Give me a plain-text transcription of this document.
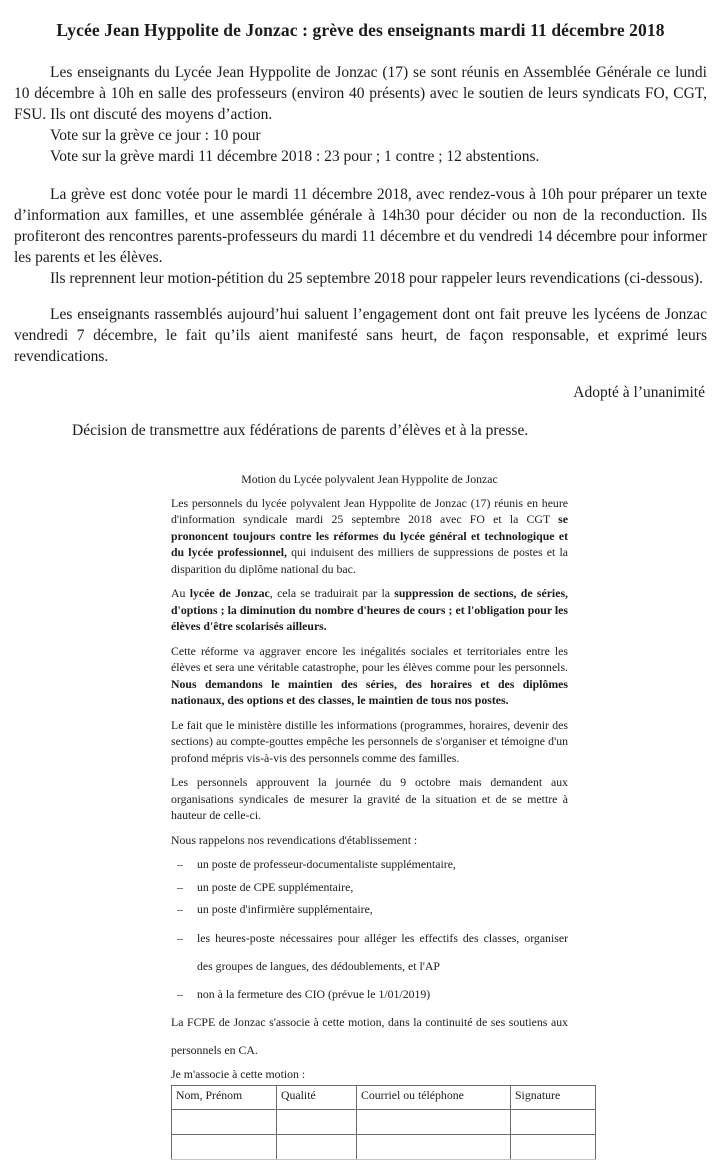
Lycée Jean Hyppolite de Jonzac : grève des enseignants mardi 11 décembre 2018

Les enseignants du Lycée Jean Hyppolite de Jonzac (17) se sont réunis en Assemblée Générale ce lundi 10 décembre à 10h en salle des professeurs (environ 40 présents) avec le soutien de leurs syndicats FO, CGT, FSU. Ils ont discuté des moyens d’action.

Vote sur la grève ce jour : 10 pour
Vote sur la grève mardi 11 décembre 2018 : 23 pour ; 1 contre ; 12 abstentions.

La grève est donc votée pour le mardi 11 décembre 2018, avec rendez-vous à 10h pour préparer un texte d’information aux familles, et une assemblée générale à 14h30 pour décider ou non de la reconduction. Ils profiteront des rencontres parents-professeurs du mardi 11 décembre et du vendredi 14 décembre pour informer les parents et les élèves.

Ils reprennent leur motion-pétition du 25 septembre 2018 pour rappeler leurs revendications (ci-dessous).

Les enseignants rassemblés aujourd’hui saluent l’engagement dont ont fait preuve les lycéens de Jonzac vendredi 7 décembre, le fait qu’ils aient manifesté sans heurt, de façon responsable, et exprimé leurs revendications.

Adopté à l’unanimité
Décision de transmettre aux fédérations de parents d’élèves et à la presse.
Motion du Lycée polyvalent Jean Hyppolite de Jonzac

Les personnels du lycée polyvalent Jean Hyppolite de Jonzac (17) réunis en heure d'information syndicale mardi 25 septembre 2018 avec FO et la CGT se prononcent toujours contre les réformes du lycée général et technologique et du lycée professionnel, qui induisent des milliers de suppressions de postes et la disparition du diplôme national du bac.

Au lycée de Jonzac, cela se traduirait par la suppression de sections, de séries, d'options ; la diminution du nombre d'heures de cours ; et l'obligation pour les élèves d'être scolarisés ailleurs.

Cette réforme va aggraver encore les inégalités sociales et territoriales entre les élèves et sera une véritable catastrophe, pour les élèves comme pour les personnels. Nous demandons le maintien des séries, des horaires et des diplômes nationaux, des options et des classes, le maintien de tous nos postes.

Le fait que le ministère distille les informations (programmes, horaires, devenir des sections) au compte-gouttes empêche les personnels de s'organiser et témoigne d'un profond mépris vis-à-vis des personnels comme des familles.

Les personnels approuvent la journée du 9 octobre mais demandent aux organisations syndicales de mesurer la gravité de la situation et de se mettre à hauteur de celle-ci.

Nous rappelons nos revendications d'établissement :

– un poste de professeur-documentaliste supplémentaire,
– un poste de CPE supplémentaire,
– un poste d'infirmière supplémentaire,
– les heures-poste nécessaires pour alléger les effectifs des classes, organiser des groupes de langues, des dédoublements, et l'AP
– non à la fermeture des CIO (prévue le 1/01/2019)

La FCPE de Jonzac s'associe à cette motion, dans la continuité de ses soutiens aux personnels en CA.

Je m'associe à cette motion :

Nom, Prénom	Qualité	Courriel ou téléphone	Signature
